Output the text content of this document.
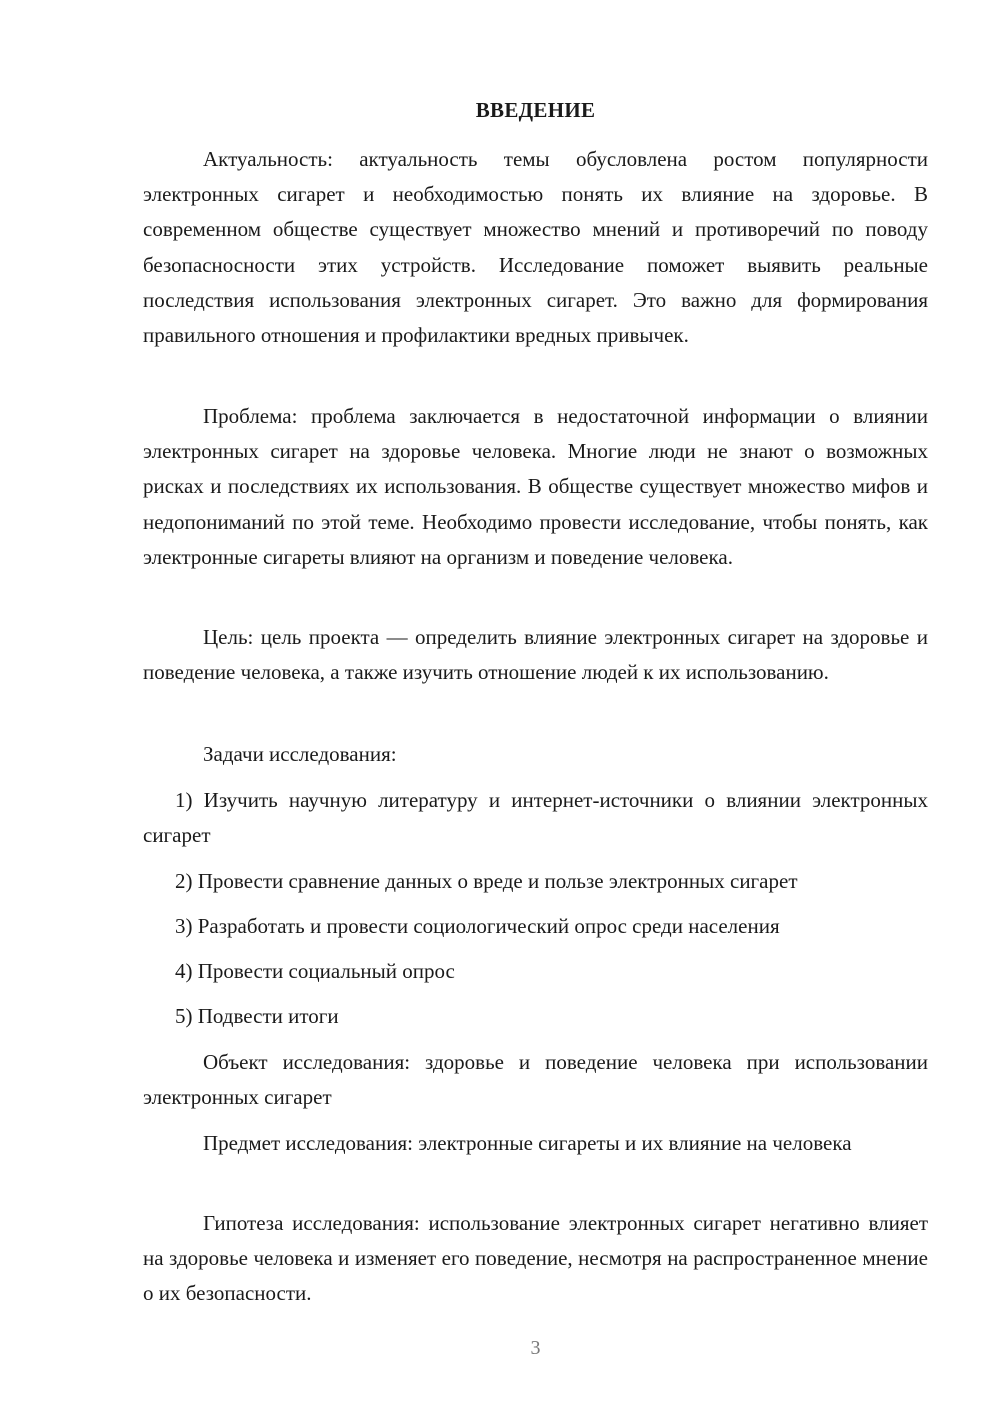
ВВЕДЕНИЕ

Актуальность: актуальность темы обусловлена ростом популярности электронных сигарет и необходимостью понять их влияние на здоровье. В современном обществе существует множество мнений и противоречий по поводу безопасносности этих устройств. Исследование поможет выявить реальные последствия использования электронных сигарет. Это важно для формирования правильного отношения и профилактики вредных привычек.

Проблема: проблема заключается в недостаточной информации о влиянии электронных сигарет на здоровье человека. Многие люди не знают о возможных рисках и последствиях их использования. В обществе существует множество мифов и недопониманий по этой теме. Необходимо провести исследование, чтобы понять, как электронные сигареты влияют на организм и поведение человека.

Цель: цель проекта — определить влияние электронных сигарет на здоровье и поведение человека, а также изучить отношение людей к их использованию.

Задачи исследования:

1) Изучить научную литературу и интернет-источники о влиянии электронных сигарет

2) Провести сравнение данных о вреде и пользе электронных сигарет

3) Разработать и провести социологический опрос среди населения

4) Провести социальный опрос

5) Подвести итоги

Объект исследования: здоровье и поведение человека при использовании электронных сигарет

Предмет исследования: электронные сигареты и их влияние на человека

Гипотеза исследования: использование электронных сигарет негативно влияет на здоровье человека и изменяет его поведение, несмотря на распространенное мнение о их безопасности.

3
